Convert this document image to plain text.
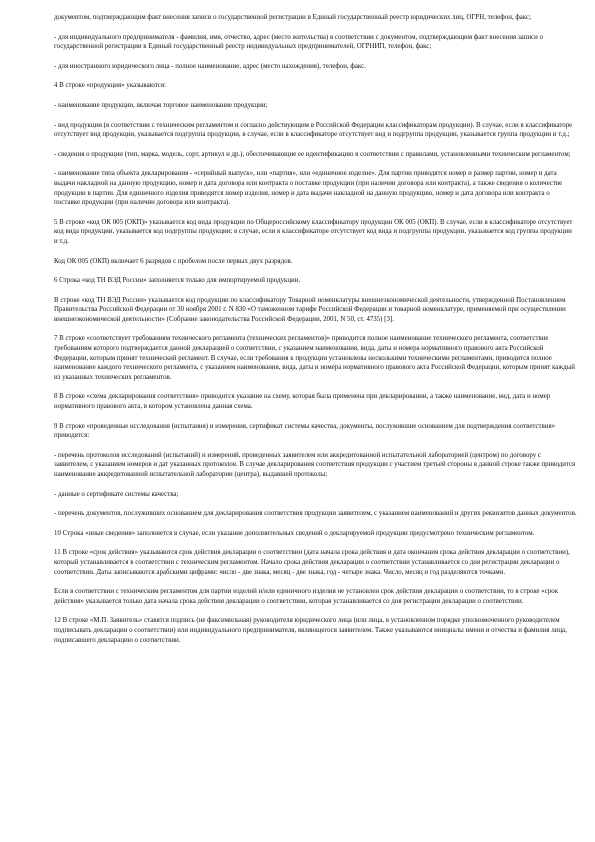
документом, подтверждающим факт внесения записи о государственной регистрации в Единый государственный реестр юридических лиц, ОГРН, телефон, факс;

- для индивидуального предпринимателя - фамилия, имя, отчество, адрес (место жительства) в соответствии с документом, подтверждающим факт внесения записи о государственной регистрации в Единый государственный реестр индивидуальных предпринимателей, ОГРНИП, телефон, факс;

- для иностранного юридического лица - полное наименование, адрес (место нахождения), телефон, факс.

4 В строке «продукция» указываются:

- наименование продукции, включая торговое наименование продукции;

- вид продукции (в соответствии с техническим регламентом и согласно действующим в Российской Федерации классификаторам продукции). В случае, если в классификаторе отсутствует вид продукции, указывается подгруппа продукции, в случае, если в классификаторе отсутствует вид и подгруппа продукции, указывается группа продукции и т.д.;

- сведения о продукции (тип, марка, модель, сорт, артикул и др.), обеспечивающие ее идентификацию в соответствии с правилами, установленными техническим регламентом;

- наименование типа объекта декларирования - «серийный выпуск», или «партия», или «единичное изделие». Для партии приводятся номер и размер партии, номер и дата выдачи накладной на данную продукцию, номер и дата договора или контракта о поставке продукции (при наличии договора или контракта), а также сведения о количестве продукции в партии. Для единичного изделия приводятся номер изделия, номер и дата выдачи накладной на данную продукцию, номер и дата договора или контракта о поставке продукции (при наличии договора или контракта).

5 В строке «код ОК 005 (ОКП)» указывается код вида продукции по Общероссийскому классификатору продукции ОК 005 (ОКП). В случае, если в классификаторе отсутствует код вида продукции, указывается код подгруппы продукции; в случае, если в классификаторе отсутствует код вида и подгруппы продукции, указывается код группы продукции и т.д.

Код ОК 005 (ОКП) включает 6 разрядов с пробелом после первых двух разрядов.

6 Строка «код ТН ВЭД России» заполняется только для импортируемой продукции.

В строке «код ТН ВЭД России» указывается код продукции по классификатору Товарной номенклатуры внешнеэкономической деятельности, утвержденной Постановлением Правительства Российской Федерации от 30 ноября 2001 г. N 830 «О таможенном тарифе Российской Федерации и товарной номенклатуре, применяемой при осуществлении внешнеэкономической деятельности» (Собрание законодательства Российской Федерации, 2001, N 50, ст. 4735) [3].

7 В строке «соответствует требованиям технического регламента (технических регламентов)» приводится полное наименование технического регламента, соответствие требованиям которого подтверждается данной декларацией о соответствии, с указанием наименования, вида, даты и номера нормативного правового акта Российской Федерации, которым принят технический регламент. В случае, если требования к продукции установлены несколькими техническими регламентами, приводится полное наименование каждого технического регламента, с указанием наименования, вида, даты и номера нормативного правового акта Российской Федерации, которым принят каждый из указанных технических регламентов.

8 В строке «схема декларирования соответствия» приводится указание на схему, которая была применена при декларировании, а также наименование, вид, дата и номер нормативного правового акта, в котором установлена данная схема.

9 В строке «проведенные исследования (испытания) и измерения, сертификат системы качества, документы, послужившие основанием для подтверждения соответствия» приводятся:

- перечень протоколов исследований (испытаний) и измерений, проведенных заявителем или аккредитованной испытательной лабораторией (центром) по договору с заявителем, с указанием номеров и дат указанных протоколов. В случае декларирования соответствия продукции с участием третьей стороны в данной строке также приводится наименование аккредитованной испытательной лаборатории (центра), выдавшей протоколы;

- данные о сертификате системы качества;

- перечень документов, послуживших основанием для декларирования соответствия продукции заявителем, с указанием наименований и других реквизитов данных документов.

10 Строка «иные сведения» заполняется в случае, если указание дополнительных сведений о декларируемой продукции предусмотрено техническим регламентом.

11 В строке «срок действия» указываются срок действия декларации о соответствии (дата начала срока действия и дата окончания срока действия декларации о соответствии), который устанавливается в соответствии с техническим регламентом. Начало срока действия декларации о соответствии устанавливается со дня регистрации декларации о соответствии. Даты записываются арабскими цифрами: число - две знака, месяц - две знака, год - четыре знака. Число, месяц и год разделяются точками.

Если в соответствии с техническим регламентом для партии изделий и/или единичного изделия не установлен срок действия декларации о соответствии, то в строке «срок действия» указывается только дата начала срока действия декларации о соответствии, которая устанавливается со дня регистрации декларации о соответствии.

12 В строке «М.П. Заявитель» ставятся подпись (не факсимильная) руководителя юридического лица (или лица, в установленном порядке уполномоченного руководителем подписывать декларации о соответствии) или индивидуального предпринимателя, являющегося заявителем. Также указываются инициалы имени и отчества и фамилия лица, подписавшего декларацию о соответствии.
